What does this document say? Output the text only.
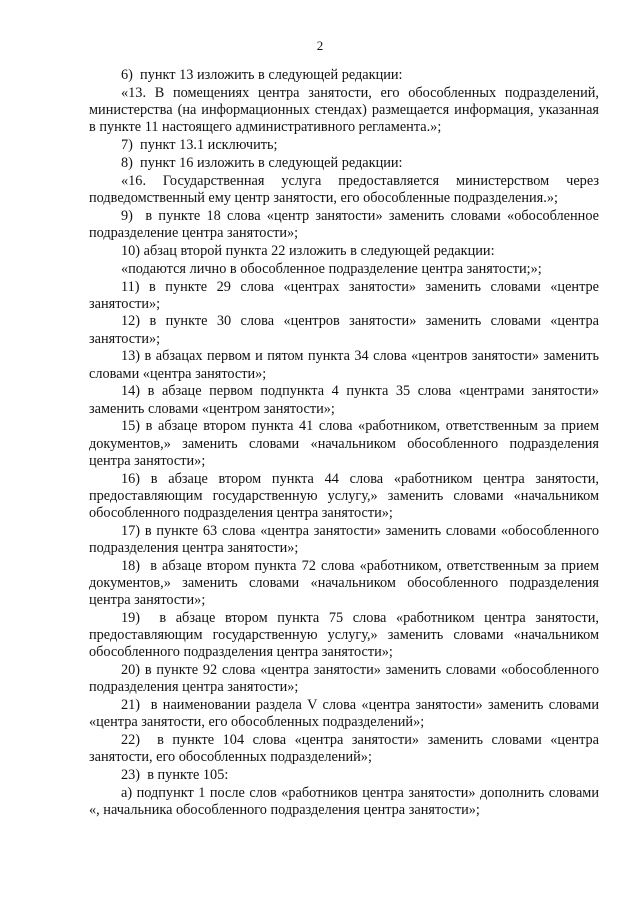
2

6)  пункт 13 изложить в следующей редакции:

«13. В помещениях центра занятости, его обособленных подразделений, министерства (на информационных стендах) размещается информация, указанная в пункте 11 настоящего административного регламента.»;

7)  пункт 13.1 исключить;

8)  пункт 16 изложить в следующей редакции:

«16. Государственная услуга предоставляется министерством через подведомственный ему центр занятости, его обособленные подразделения.»;

9)  в пункте 18 слова «центр занятости» заменить словами «обособленное подразделение центра занятости»;

10) абзац второй пункта 22 изложить в следующей редакции:

«подаются лично в обособленное подразделение центра занятости;»;

11) в пункте 29 слова «центрах занятости» заменить словами «центре занятости»;

12) в пункте 30 слова «центров занятости» заменить словами «центра занятости»;

13) в абзацах первом и пятом пункта 34 слова «центров занятости» заменить словами «центра занятости»;

14) в абзаце первом подпункта 4 пункта 35 слова «центрами занятости» заменить словами «центром занятости»;

15) в абзаце втором пункта 41 слова «работником, ответственным за прием документов,» заменить словами «начальником обособленного подразделения центра занятости»;

16) в абзаце втором пункта 44 слова «работником центра занятости, предоставляющим государственную услугу,» заменить словами «начальником обособленного подразделения центра занятости»;

17) в пункте 63 слова «центра занятости» заменить словами «обособленного подразделения центра занятости»;

18)  в абзаце втором пункта 72 слова «работником, ответственным за прием документов,» заменить словами «начальником обособленного подразделения центра занятости»;

19)  в абзаце втором пункта 75 слова «работником центра занятости, предоставляющим государственную услугу,» заменить словами «начальником обособленного подразделения центра занятости»;

20) в пункте 92 слова «центра занятости» заменить словами «обособленного подразделения центра занятости»;

21)  в наименовании раздела V слова «центра занятости» заменить словами «центра занятости, его обособленных подразделений»;

22)  в пункте 104 слова «центра занятости» заменить словами «центра занятости, его обособленных подразделений»;

23)  в пункте 105:

а) подпункт 1 после слов «работников центра занятости» дополнить словами «, начальника обособленного подразделения центра занятости»;
